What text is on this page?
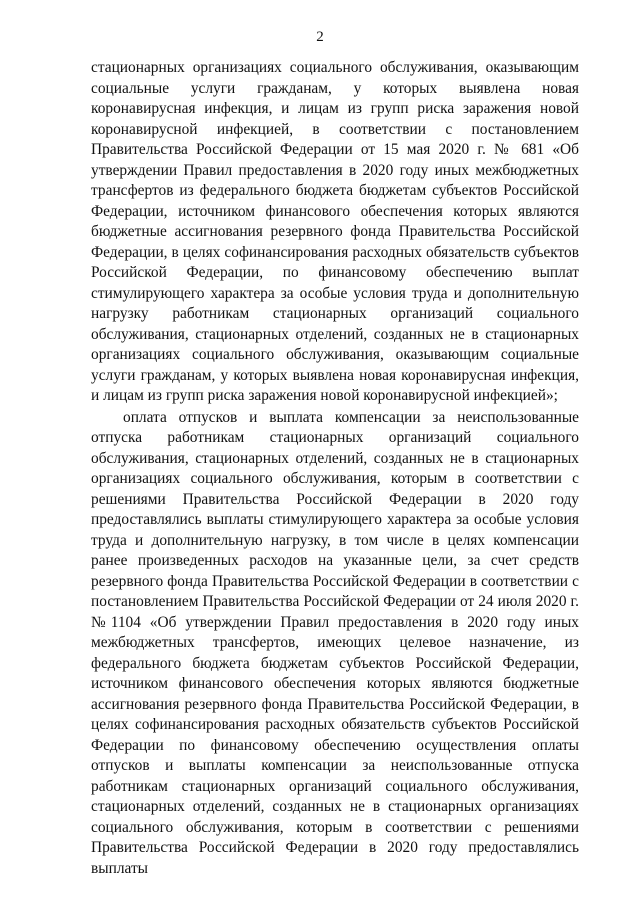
2

стационарных организациях социального обслуживания, оказывающим социальные услуги гражданам, у которых выявлена новая коронавирусная инфекция, и лицам из групп риска заражения новой коронавирусной инфекцией, в соответствии с постановлением Правительства Российской Федерации от 15 мая 2020 г. № 681 «Об утверждении Правил предоставления в 2020 году иных межбюджетных трансфертов из федерального бюджета бюджетам субъектов Российской Федерации, источником финансового обеспечения которых являются бюджетные ассигнования резервного фонда Правительства Российской Федерации, в целях софинансирования расходных обязательств субъектов Российской Федерации, по финансовому обеспечению выплат стимулирующего характера за особые условия труда и дополнительную нагрузку работникам стационарных организаций социального обслуживания, стационарных отделений, созданных не в стационарных организациях социального обслуживания, оказывающим социальные услуги гражданам, у которых выявлена новая коронавирусная инфекция, и лицам из групп риска заражения новой коронавирусной инфекцией»;

оплата отпусков и выплата компенсации за неиспользованные отпуска работникам стационарных организаций социального обслуживания, стационарных отделений, созданных не в стационарных организациях социального обслуживания, которым в соответствии с решениями Правительства Российской Федерации в 2020 году предоставлялись выплаты стимулирующего характера за особые условия труда и дополнительную нагрузку, в том числе в целях компенсации ранее произведенных расходов на указанные цели, за счет средств резервного фонда Правительства Российской Федерации в соответствии с постановлением Правительства Российской Федерации от 24 июля 2020 г. №1104 «Об утверждении Правил предоставления в 2020 году иных межбюджетных трансфертов, имеющих целевое назначение, из федерального бюджета бюджетам субъектов Российской Федерации, источником финансового обеспечения которых являются бюджетные ассигнования резервного фонда Правительства Российской Федерации, в целях софинансирования расходных обязательств субъектов Российской Федерации по финансовому обеспечению осуществления оплаты отпусков и выплаты компенсации за неиспользованные отпуска работникам стационарных организаций социального обслуживания, стационарных отделений, созданных не в стационарных организациях социального обслуживания, которым в соответствии с решениями Правительства Российской Федерации в 2020 году предоставлялись выплаты
